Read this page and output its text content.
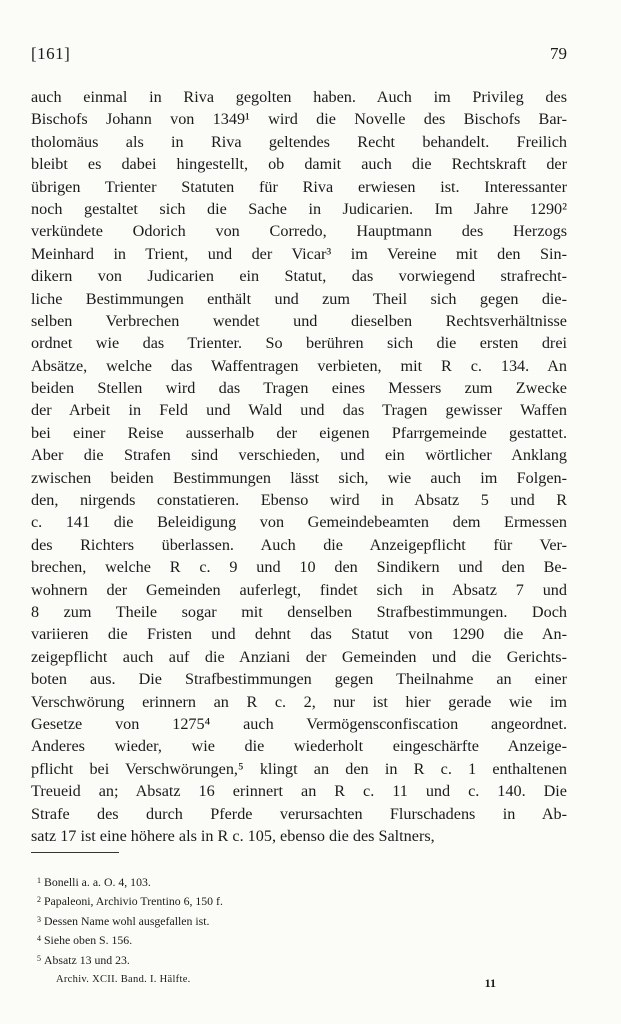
[161]	79
auch einmal in Riva gegolten haben. Auch im Privileg des
Bischofs Johann von 1349¹ wird die Novelle des Bischofs Bar-
tholomäus als in Riva geltendes Recht behandelt. Freilich
bleibt es dabei hingestellt, ob damit auch die Rechtskraft der
übrigen Trienter Statuten für Riva erwiesen ist. Interessanter
noch gestaltet sich die Sache in Judicarien. Im Jahre 1290²
verkündete Odorich von Corredo, Hauptmann des Herzogs
Meinhard in Trient, und der Vicar³ im Vereine mit den Sin-
dikern von Judicarien ein Statut, das vorwiegend strafrecht-
liche Bestimmungen enthält und zum Theil sich gegen die-
selben Verbrechen wendet und dieselben Rechtsverhältnisse
ordnet wie das Trienter. So berühren sich die ersten drei
Absätze, welche das Waffentragen verbieten, mit R c. 134. An
beiden Stellen wird das Tragen eines Messers zum Zwecke
der Arbeit in Feld und Wald und das Tragen gewisser Waffen
bei einer Reise ausserhalb der eigenen Pfarrgemeinde gestattet.
Aber die Strafen sind verschieden, und ein wörtlicher Anklang
zwischen beiden Bestimmungen lässt sich, wie auch im Folgen-
den, nirgends constatieren. Ebenso wird in Absatz 5 und R
c. 141 die Beleidigung von Gemeindebeamten dem Ermessen
des Richters überlassen. Auch die Anzeigepflicht für Ver-
brechen, welche R c. 9 und 10 den Sindikern und den Be-
wohnern der Gemeinden auferlegt, findet sich in Absatz 7 und
8 zum Theile sogar mit denselben Strafbestimmungen. Doch
variieren die Fristen und dehnt das Statut von 1290 die An-
zeigepflicht auch auf die Anziani der Gemeinden und die Gerichts-
boten aus. Die Strafbestimmungen gegen Theilnahme an einer
Verschwörung erinnern an R c. 2, nur ist hier gerade wie im
Gesetze von 1275⁴ auch Vermögensconfiscation angeordnet.
Anderes wieder, wie die wiederholt eingeschärfte Anzeige-
pflicht bei Verschwörungen,⁵ klingt an den in R c. 1 enthaltenen
Treueid an; Absatz 16 erinnert an R c. 11 und c. 140. Die
Strafe des durch Pferde verursachten Flurschadens in Ab-
satz 17 ist eine höhere als in R c. 105, ebenso die des Saltners,
$^1$ Bonelli a. a. O. 4, 103.
$^2$ Papaleoni, Archivio Trentino 6, 150 f.
$^3$ Dessen Name wohl ausgefallen ist.
$^4$ Siehe oben S. 156.
$^5$ Absatz 13 und 23.
Archiv. XCII. Band. I. Hälfte.	11
